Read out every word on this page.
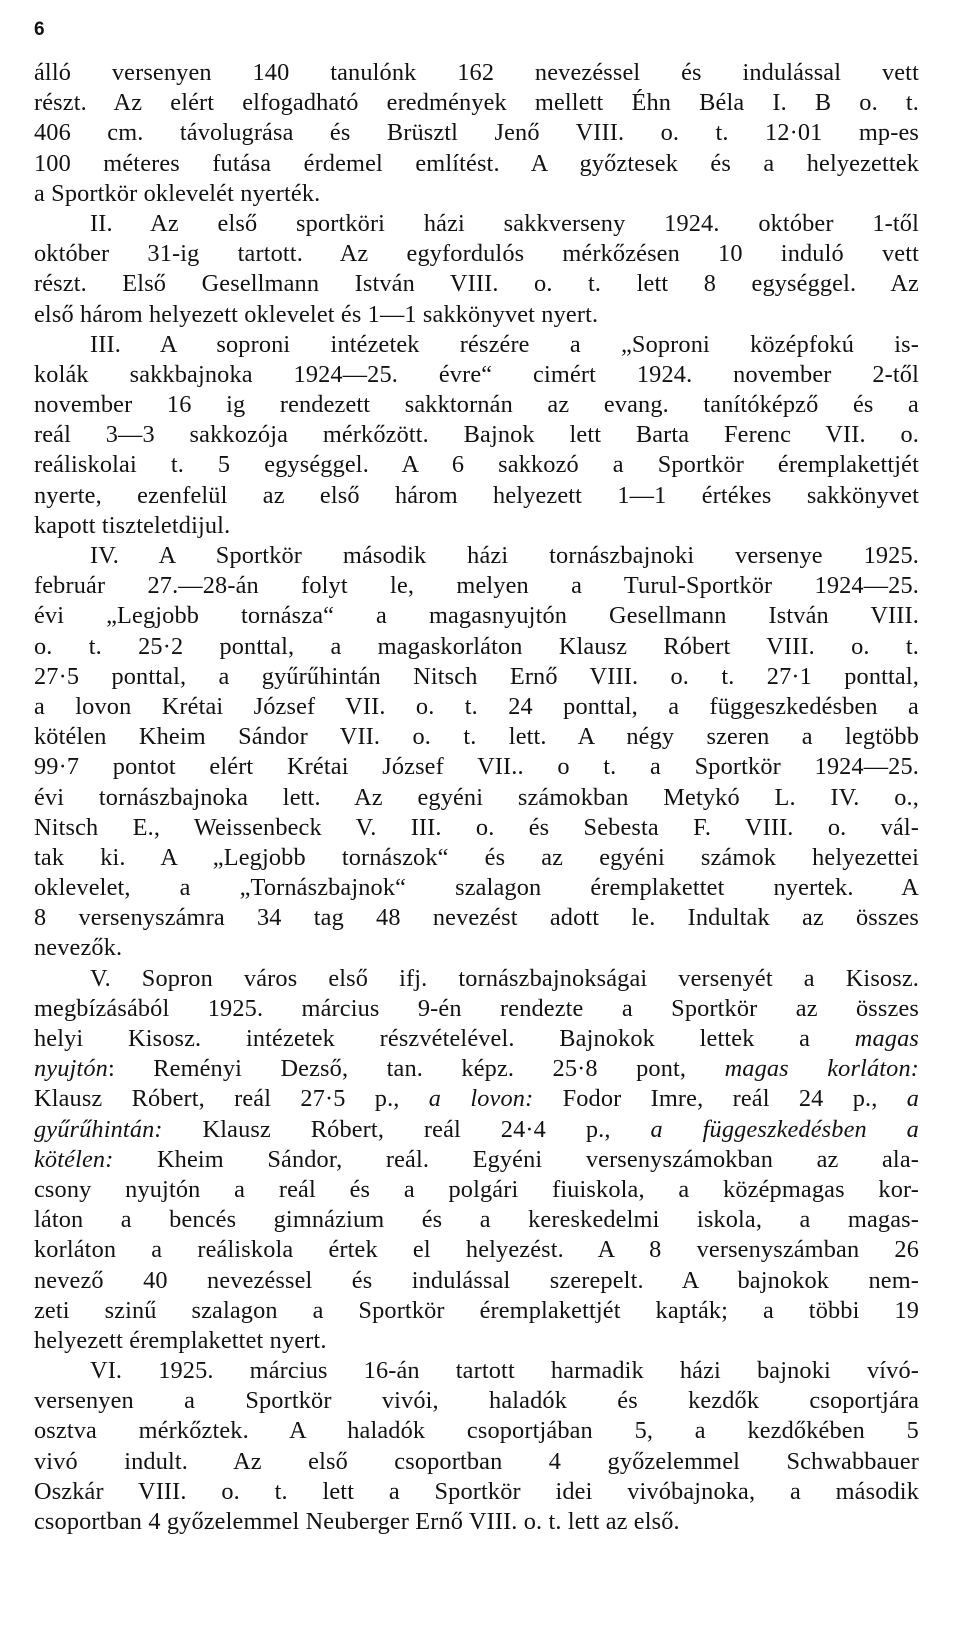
6
álló versenyen 140 tanulónk 162 nevezéssel és indulással vett
részt. Az elért elfogadható eredmények mellett Éhn Béla I. B o. t.
406 cm. távolugrása és Brüsztl Jenő VIII. o. t. 12·01 mp-es
100 méteres futása érdemel említést. A győztesek és a helyezettek
a Sportkör oklevelét nyerték.
II. Az első sportköri házi sakkverseny 1924. október 1-től
október 31-ig tartott. Az egyfordulós mérkőzésen 10 induló vett
részt. Első Gesellmann István VIII. o. t. lett 8 egységgel. Az
első három helyezett oklevelet és 1—1 sakkönyvet nyert.
III. A soproni intézetek részére a „Soproni középfokú is-
kolák sakkbajnoka 1924—25. évre“ cimért 1924. november 2-től
november 16 ig rendezett sakktornán az evang. tanítóképző és a
reál 3—3 sakkozója mérkőzött. Bajnok lett Barta Ferenc VII. o.
reáliskolai t. 5 egységgel. A 6 sakkozó a Sportkör éremplakettjét
nyerte, ezenfelül az első három helyezett 1—1 értékes sakkönyvet
kapott tiszteletdijul.
IV. A Sportkör második házi tornászbajnoki versenye 1925.
február 27.—28-án folyt le, melyen a Turul-Sportkör 1924—25.
évi „Legjobb tornásza“ a magasnyujtón Gesellmann István VIII.
o. t. 25·2 ponttal, a magaskorláton Klausz Róbert VIII. o. t.
27·5 ponttal, a gyűrűhintán Nitsch Ernő VIII. o. t. 27·1 ponttal,
a lovon Krétai József VII. o. t. 24 ponttal, a függeszkedésben a
kötélen Kheim Sándor VII. o. t. lett. A négy szeren a legtöbb
99·7 pontot elért Krétai József VII.. o t. a Sportkör 1924—25.
évi tornászbajnoka lett. Az egyéni számokban Metykó L. IV. o.,
Nitsch E., Weissenbeck V. III. o. és Sebesta F. VIII. o. vál-
tak ki. A „Legjobb tornászok“ és az egyéni számok helyezettei
oklevelet, a „Tornászbajnok“ szalagon éremplakettet nyertek. A
8 versenyszámra 34 tag 48 nevezést adott le. Indultak az összes
nevezők.
V. Sopron város első ifj. tornászbajnokságai versenyét a Kisosz.
megbízásából 1925. március 9-én rendezte a Sportkör az összes
helyi Kisosz. intézetek részvételével. Bajnokok lettek a magas
nyujtón: Reményi Dezső, tan. képz. 25·8 pont, magas korláton:
Klausz Róbert, reál 27·5 p., a lovon: Fodor Imre, reál 24 p., a
gyűrűhintán: Klausz Róbert, reál 24·4 p., a függeszkedésben a
kötélen: Kheim Sándor, reál. Egyéni versenyszámokban az ala-
csony nyujtón a reál és a polgári fiuiskola, a középmagas kor-
láton a bencés gimnázium és a kereskedelmi iskola, a magas-
korláton a reáliskola értek el helyezést. A 8 versenyszámban 26
nevező 40 nevezéssel és indulással szerepelt. A bajnokok nem-
zeti szinű szalagon a Sportkör éremplakettjét kapták; a többi 19
helyezett éremplakettet nyert.
VI. 1925. március 16-án tartott harmadik házi bajnoki vívó-
versenyen a Sportkör vivói, haladók és kezdők csoportjára
osztva mérkőztek. A haladók csoportjában 5, a kezdőkében 5
vivó indult. Az első csoportban 4 győzelemmel Schwabbauer
Oszkár VIII. o. t. lett a Sportkör idei vivóbajnoka, a második
csoportban 4 győzelemmel Neuberger Ernő VIII. o. t. lett az első.
